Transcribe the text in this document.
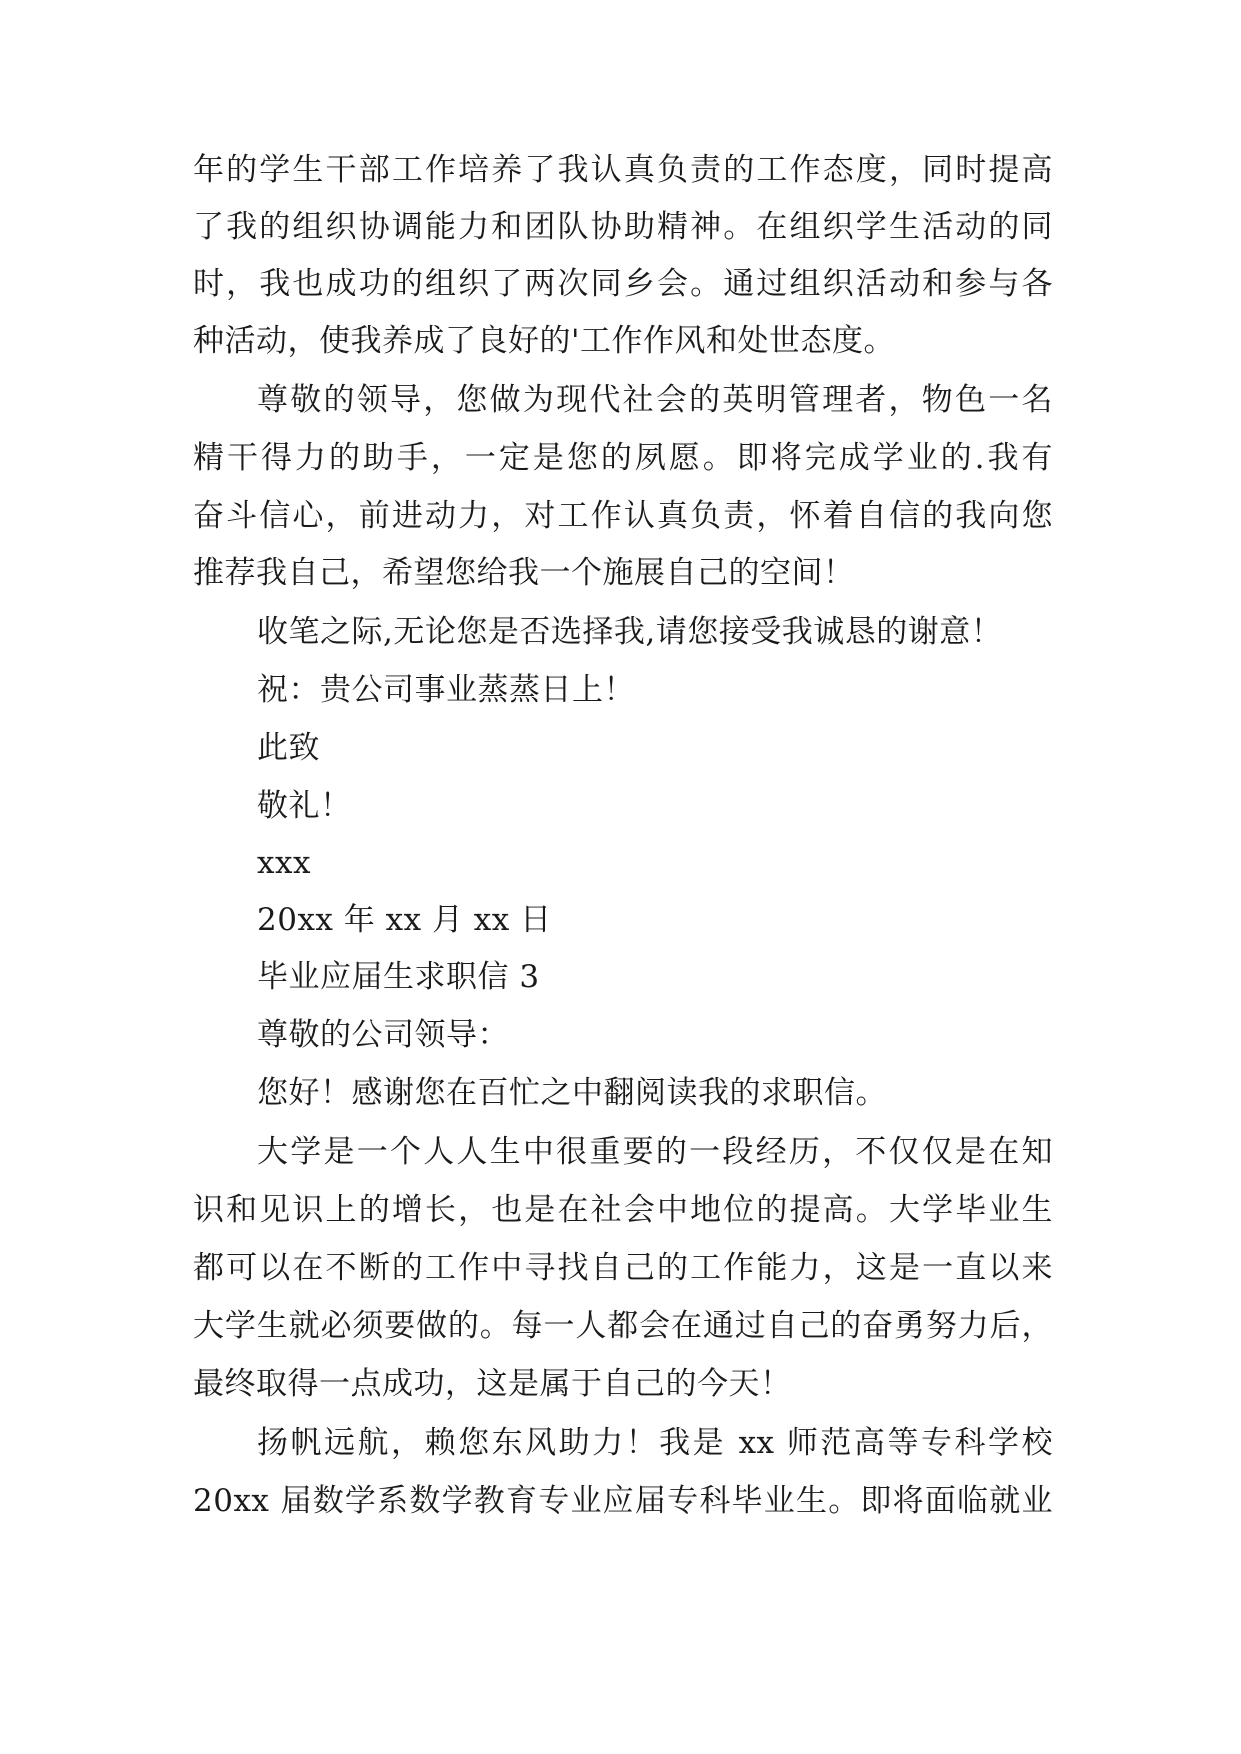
年的学生干部工作培养了我认真负责的工作态度，同时提高
了我的组织协调能力和团队协助精神。在组织学生活动的同
时，我也成功的组织了两次同乡会。通过组织活动和参与各
种活动，使我养成了良好的'工作作风和处世态度。
尊敬的领导，您做为现代社会的英明管理者，物色一名
精干得力的助手，一定是您的夙愿。即将完成学业的.我有
奋斗信心，前进动力，对工作认真负责，怀着自信的我向您
推荐我自己，希望您给我一个施展自己的空间！
收笔之际,无论您是否选择我,请您接受我诚恳的谢意！
祝：贵公司事业蒸蒸日上！
此致
敬礼！
xxx
20xx 年 xx 月 xx 日
毕业应届生求职信 3
尊敬的公司领导：
您好！感谢您在百忙之中翻阅读我的求职信。
大学是一个人人生中很重要的一段经历，不仅仅是在知
识和见识上的增长，也是在社会中地位的提高。大学毕业生
都可以在不断的工作中寻找自己的工作能力，这是一直以来
大学生就必须要做的。每一人都会在通过自己的奋勇努力后，
最终取得一点成功，这是属于自己的今天！
扬帆远航，赖您东风助力！我是 xx 师范高等专科学校
20xx 届数学系数学教育专业应届专科毕业生。即将面临就业
